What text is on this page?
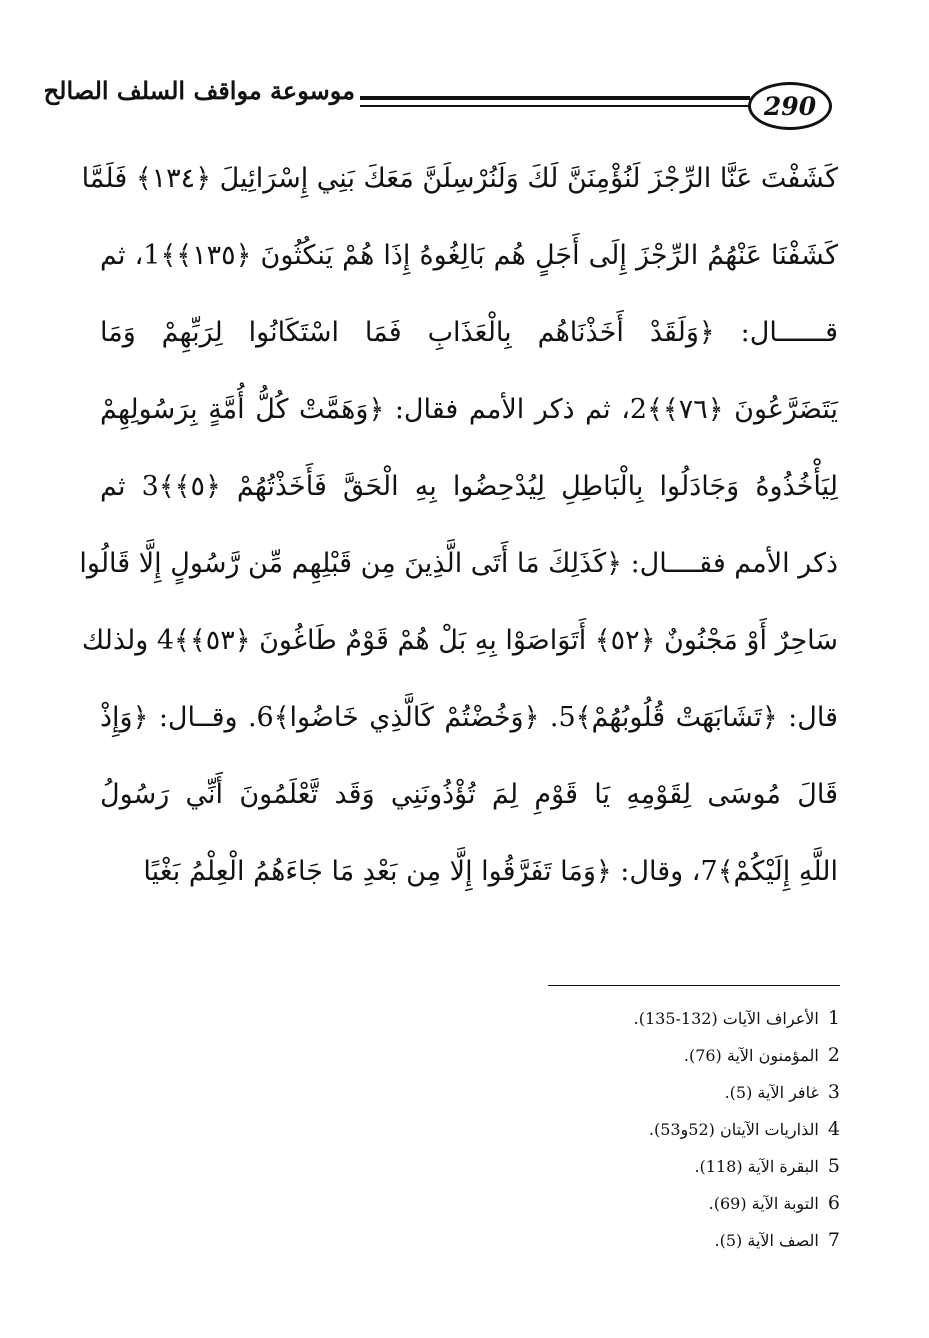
موسوعة مواقف السلف الصالح
290
كَشَفْتَ عَنَّا الرِّجْزَ لَنُؤْمِنَنَّ لَكَ وَلَنُرْسِلَنَّ مَعَكَ بَنِي إِسْرَائِيلَ ﴿١٣٤﴾ فَلَمَّا
كَشَفْنَا عَنْهُمُ الرِّجْزَ إِلَى أَجَلٍ هُم بَالِغُوهُ إِذَا هُمْ يَنكُثُونَ ﴿١٣٥﴾﴾1، ثم
قــــــال: ﴿وَلَقَدْ أَخَذْنَاهُم بِالْعَذَابِ فَمَا اسْتَكَانُوا لِرَبِّهِمْ وَمَا
يَتَضَرَّعُونَ ﴿٧٦﴾﴾2، ثم ذكر الأمم فقال: ﴿وَهَمَّتْ كُلُّ أُمَّةٍ بِرَسُولِهِمْ
لِيَأْخُذُوهُ وَجَادَلُوا بِالْبَاطِلِ لِيُدْحِضُوا بِهِ الْحَقَّ فَأَخَذْتُهُمْ ﴿٥﴾﴾3 ثم
ذكر الأمم فقــــال: ﴿كَذَلِكَ مَا أَتَى الَّذِينَ مِن قَبْلِهِم مِّن رَّسُولٍ إِلَّا قَالُوا
سَاحِرٌ أَوْ مَجْنُونٌ ﴿٥٢﴾ أَتَوَاصَوْا بِهِ بَلْ هُمْ قَوْمٌ طَاغُونَ ﴿٥٣﴾﴾4 ولذلك
قال: ﴿تَشَابَهَتْ قُلُوبُهُمْ﴾5. ﴿وَخُضْتُمْ كَالَّذِي خَاضُوا﴾6. وقــال: ﴿وَإِذْ
قَالَ مُوسَى لِقَوْمِهِ يَا قَوْمِ لِمَ تُؤْذُونَنِي وَقَد تَّعْلَمُونَ أَنِّي رَسُولُ
اللَّهِ إِلَيْكُمْ﴾7، وقال: ﴿وَمَا تَفَرَّقُوا إِلَّا مِن بَعْدِ مَا جَاءَهُمُ الْعِلْمُ بَغْيًا
1 الأعراف الآيات (132-135).
2 المؤمنون الآية (76).
3 غافر الآية (5).
4 الذاريات الآيتان (52و53).
5 البقرة الآية (118).
6 التوبة الآية (69).
7 الصف الآية (5).
